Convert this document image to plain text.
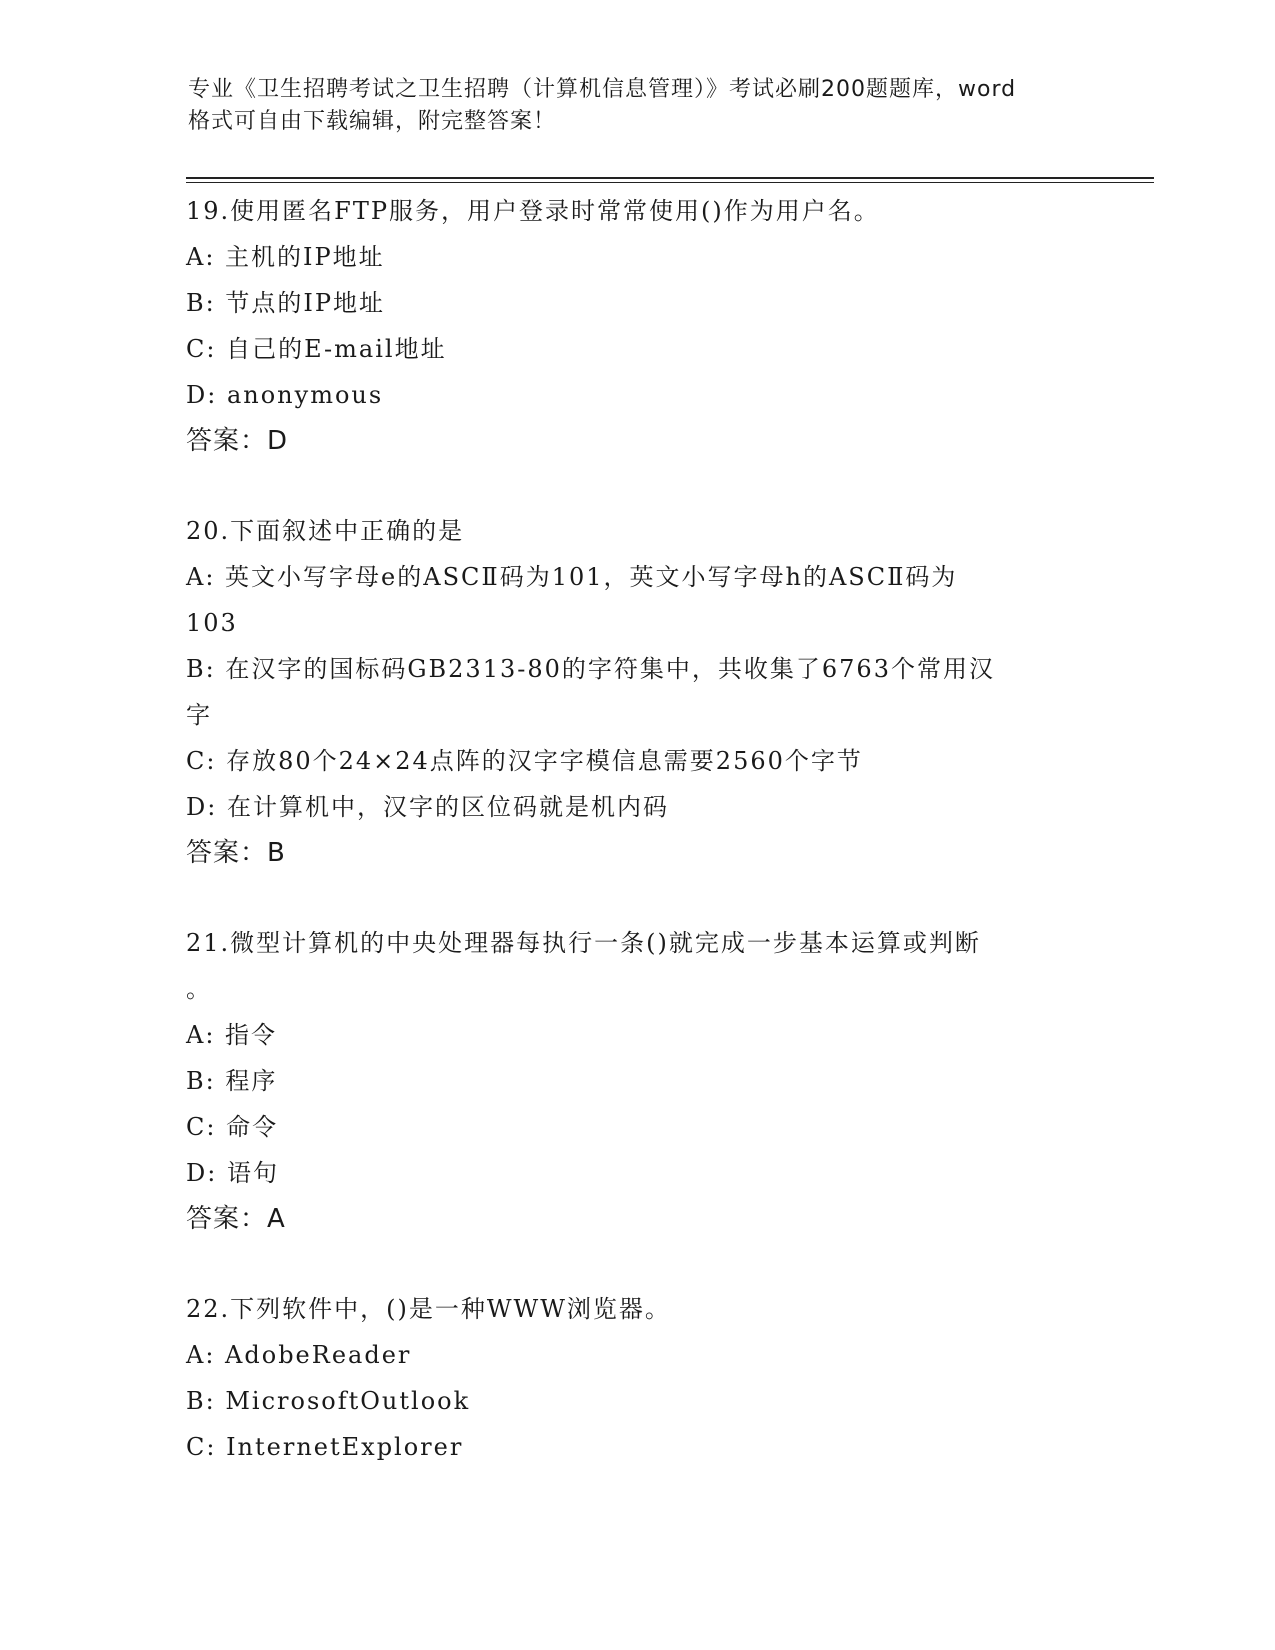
专业《卫生招聘考试之卫生招聘（计算机信息管理）》考试必刷200题题库，word
格式可自由下载编辑，附完整答案！
19.使用匿名FTP服务，用户登录时常常使用()作为用户名。
A: 主机的IP地址
B: 节点的IP地址
C: 自己的E-mail地址
D: anonymous
答案：D
20.下面叙述中正确的是
A: 英文小写字母e的ASCⅡ码为101，英文小写字母h的ASCⅡ码为
103
B: 在汉字的国标码GB2313-80的字符集中，共收集了6763个常用汉
字
C: 存放80个24×24点阵的汉字字模信息需要2560个字节
D: 在计算机中，汉字的区位码就是机内码
答案：B
21.微型计算机的中央处理器每执行一条()就完成一步基本运算或判断
。
A: 指令
B: 程序
C: 命令
D: 语句
答案：A
22.下列软件中，()是一种WWW浏览器。
A: AdobeReader
B: MicrosoftOutlook
C: InternetExplorer
